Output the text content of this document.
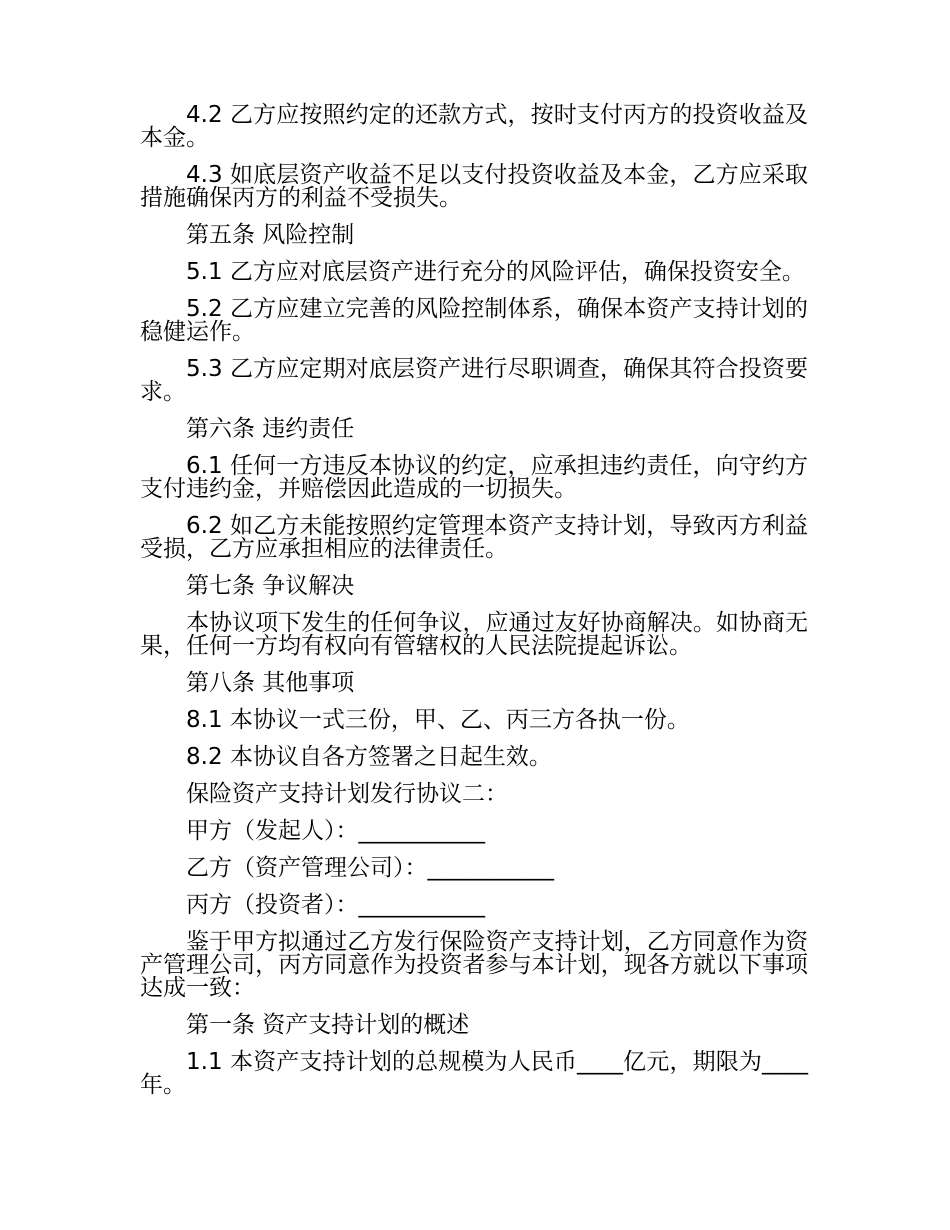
4.2 乙方应按照约定的还款方式，按时支付丙方的投资收益及本金。

4.3 如底层资产收益不足以支付投资收益及本金，乙方应采取措施确保丙方的利益不受损失。

第五条 风险控制

5.1 乙方应对底层资产进行充分的风险评估，确保投资安全。

5.2 乙方应建立完善的风险控制体系，确保本资产支持计划的稳健运作。

5.3 乙方应定期对底层资产进行尽职调查，确保其符合投资要求。

第六条 违约责任

6.1 任何一方违反本协议的约定，应承担违约责任，向守约方支付违约金，并赔偿因此造成的一切损失。

6.2 如乙方未能按照约定管理本资产支持计划，导致丙方利益受损，乙方应承担相应的法律责任。

第七条 争议解决

本协议项下发生的任何争议，应通过友好协商解决。如协商无果，任何一方均有权向有管辖权的人民法院提起诉讼。

第八条 其他事项

8.1 本协议一式三份，甲、乙、丙三方各执一份。

8.2 本协议自各方签署之日起生效。

保险资产支持计划发行协议二：

甲方（发起人）：___________

乙方（资产管理公司）：___________

丙方（投资者）：___________

鉴于甲方拟通过乙方发行保险资产支持计划，乙方同意作为资产管理公司，丙方同意作为投资者参与本计划，现各方就以下事项达成一致：

第一条 资产支持计划的概述

1.1 本资产支持计划的总规模为人民币____亿元，期限为____年。
